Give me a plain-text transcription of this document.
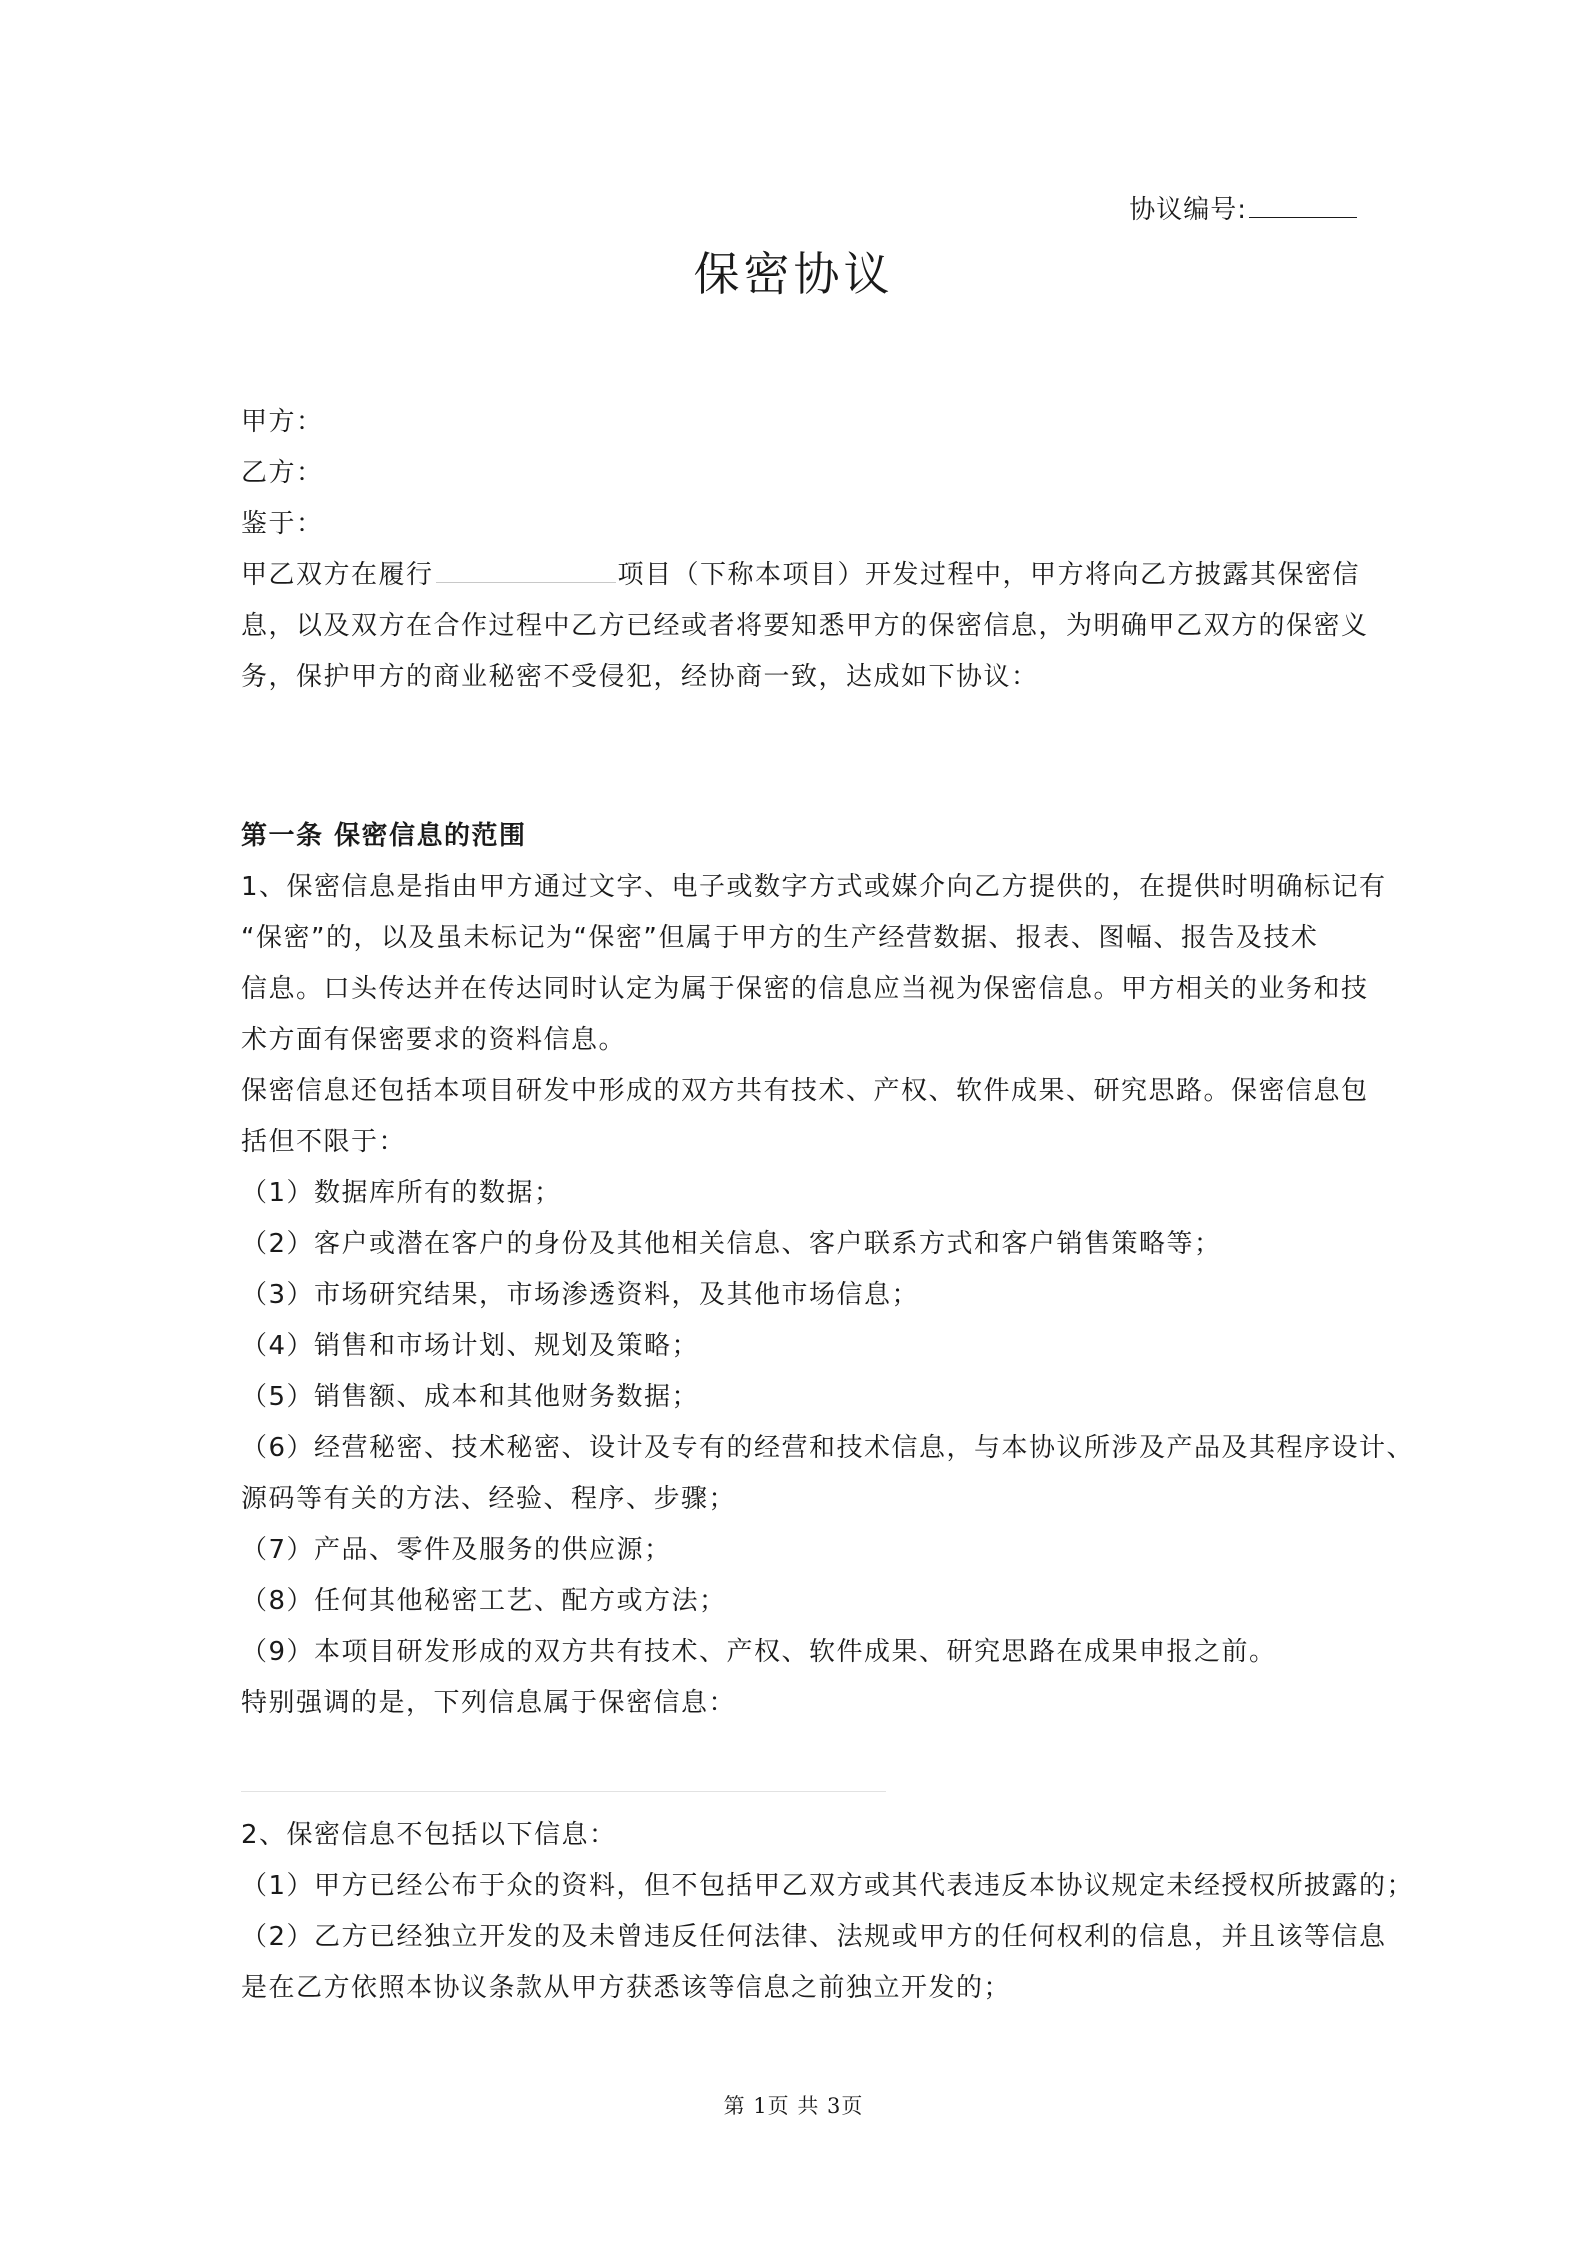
协议编号:
保密协议
甲方：
乙方：
鉴于：
甲乙双方在履行	项目（下称本项目）开发过程中，甲方将向乙方披露其保密信
息，以及双方在合作过程中乙方已经或者将要知悉甲方的保密信息，为明确甲乙双方的保密义
务，保护甲方的商业秘密不受侵犯，经协商一致，达成如下协议：
第一条 保密信息的范围
1、保密信息是指由甲方通过文字、电子或数字方式或媒介向乙方提供的，在提供时明确标记有
“保密”的，以及虽未标记为“保密”但属于甲方的生产经营数据、报表、图幅、报告及技术
信息。口头传达并在传达同时认定为属于保密的信息应当视为保密信息。甲方相关的业务和技
术方面有保密要求的资料信息。
保密信息还包括本项目研发中形成的双方共有技术、产权、软件成果、研究思路。保密信息包
括但不限于：
（1）数据库所有的数据；
（2）客户或潜在客户的身份及其他相关信息、客户联系方式和客户销售策略等；
（3）市场研究结果，市场渗透资料，及其他市场信息；
（4）销售和市场计划、规划及策略；
（5）销售额、成本和其他财务数据；
（6）经营秘密、技术秘密、设计及专有的经营和技术信息，与本协议所涉及产品及其程序设计、
源码等有关的方法、经验、程序、步骤；
（7）产品、零件及服务的供应源；
（8）任何其他秘密工艺、配方或方法；
（9）本项目研发形成的双方共有技术、产权、软件成果、研究思路在成果申报之前。
特别强调的是，下列信息属于保密信息：
2、保密信息不包括以下信息：
（1）甲方已经公布于众的资料，但不包括甲乙双方或其代表违反本协议规定未经授权所披露的；
（2）乙方已经独立开发的及未曾违反任何法律、法规或甲方的任何权利的信息，并且该等信息
是在乙方依照本协议条款从甲方获悉该等信息之前独立开发的；
第 1页 共 3页
